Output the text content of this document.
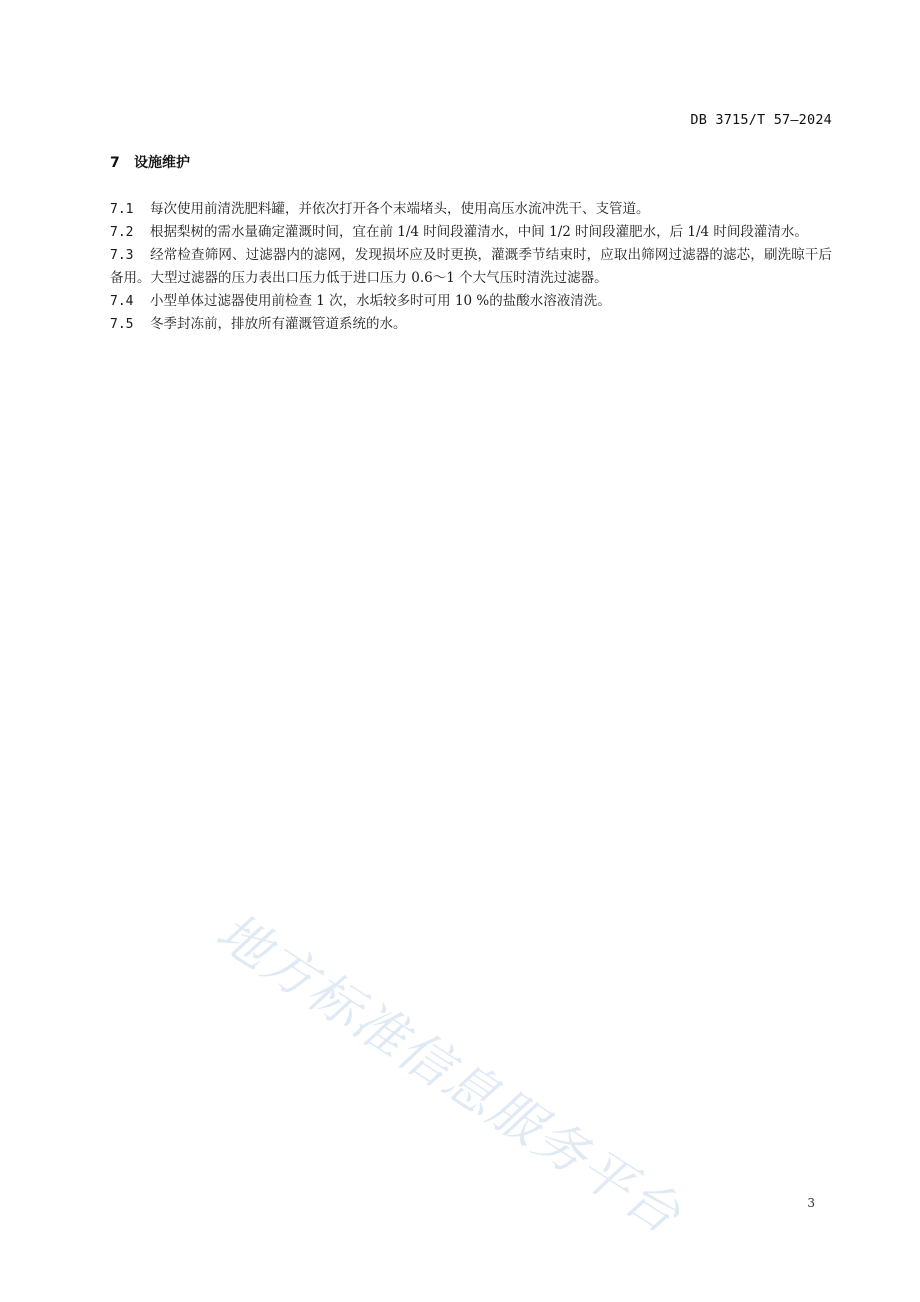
DB 3715/T 57—2024
7 设施维护
7.1 每次使用前清洗肥料罐，并依次打开各个末端堵头，使用高压水流冲洗干、支管道。
7.2 根据梨树的需水量确定灌溉时间，宜在前 1/4 时间段灌清水，中间 1/2 时间段灌肥水，后 1/4 时间段灌清水。
7.3 经常检查筛网、过滤器内的滤网，发现损坏应及时更换，灌溉季节结束时，应取出筛网过滤器的滤芯，刷洗晾干后备用。大型过滤器的压力表出口压力低于进口压力 0.6～1 个大气压时清洗过滤器。
7.4 小型单体过滤器使用前检查 1 次，水垢较多时可用 10 %的盐酸水溶液清洗。
7.5 冬季封冻前，排放所有灌溉管道系统的水。
地方标准信息服务平台	3
